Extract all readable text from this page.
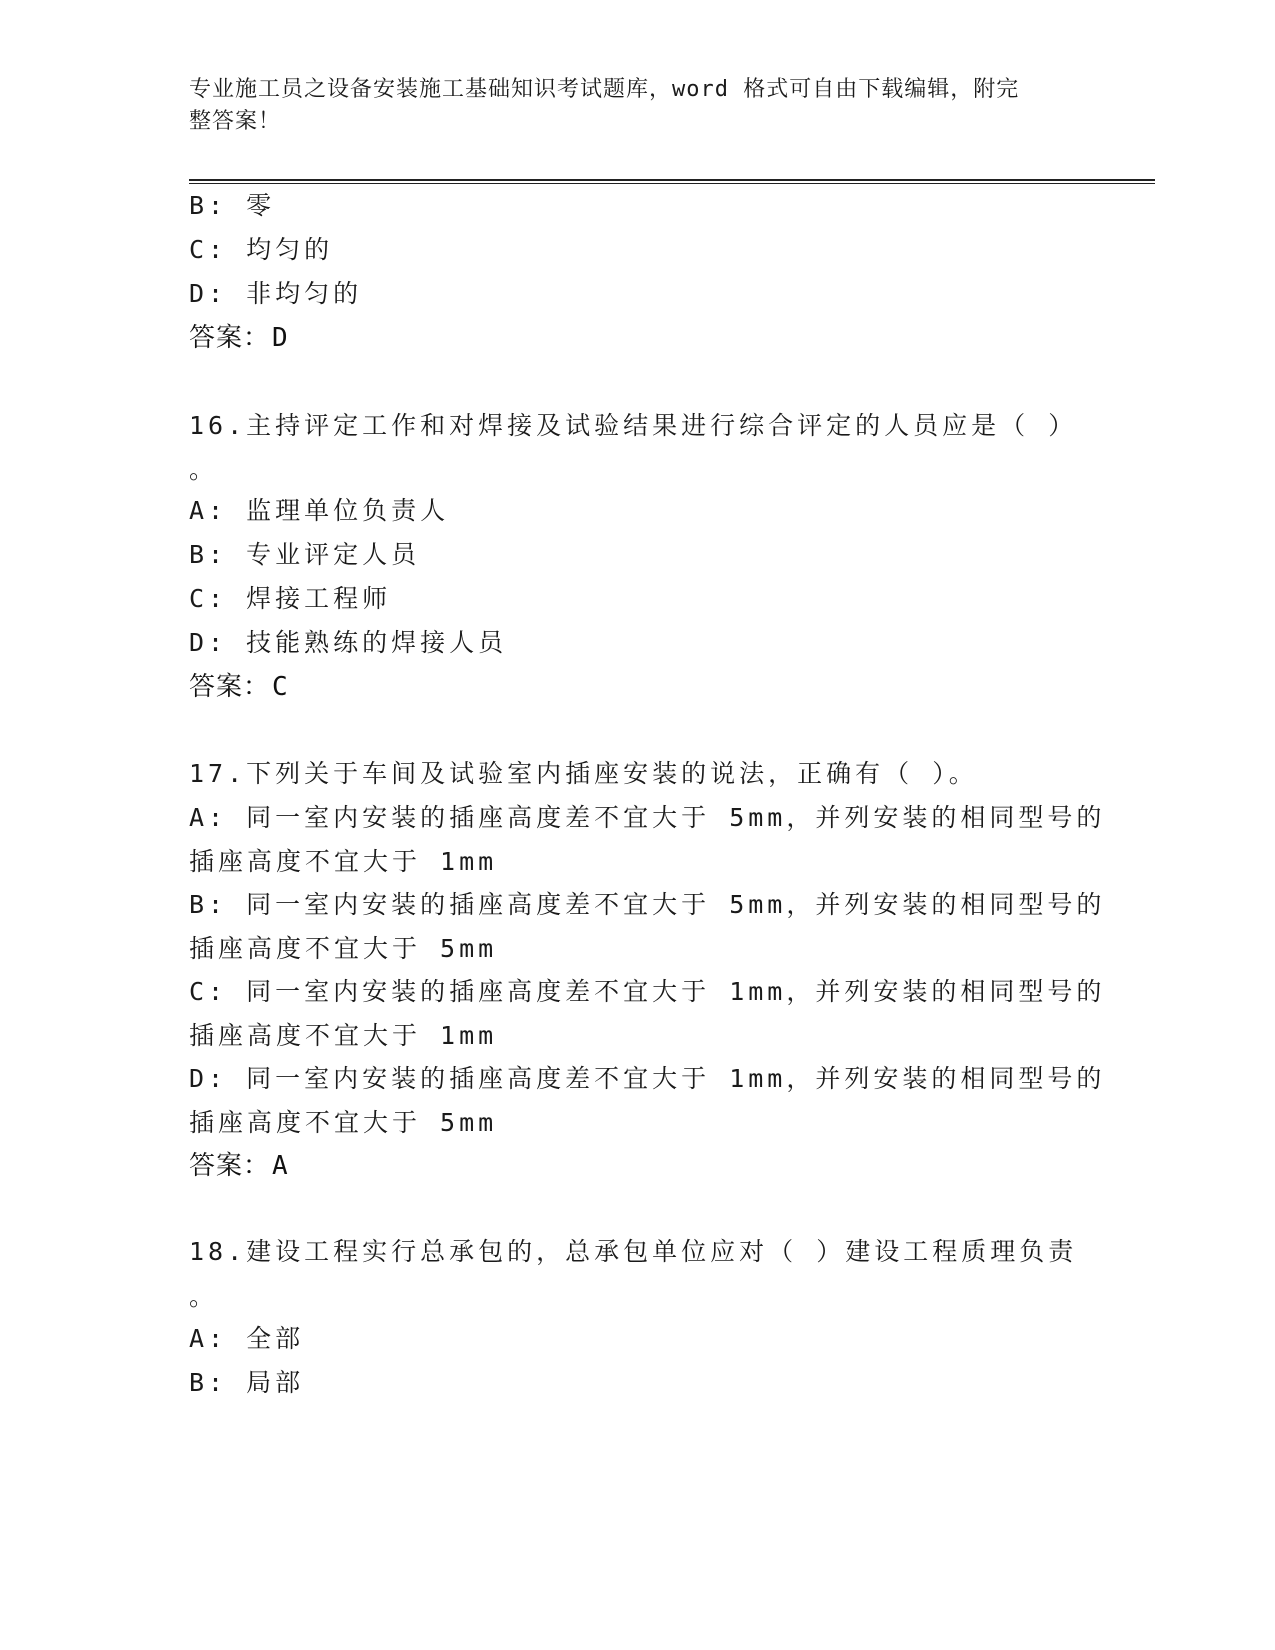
专业施工员之设备安装施工基础知识考试题库，word 格式可自由下载编辑，附完
整答案！
B: 零
C: 均匀的
D: 非均匀的
答案：D
16.主持评定工作和对焊接及试验结果进行综合评定的人员应是（ ）
。
A: 监理单位负责人
B: 专业评定人员
C: 焊接工程师
D: 技能熟练的焊接人员
答案：C
17.下列关于车间及试验室内插座安装的说法，正确有（ ）。
A: 同一室内安装的插座高度差不宜大于 5mm，并列安装的相同型号的
插座高度不宜大于 1mm
B: 同一室内安装的插座高度差不宜大于 5mm，并列安装的相同型号的
插座高度不宜大于 5mm
C: 同一室内安装的插座高度差不宜大于 1mm，并列安装的相同型号的
插座高度不宜大于 1mm
D: 同一室内安装的插座高度差不宜大于 1mm，并列安装的相同型号的
插座高度不宜大于 5mm
答案：A
18.建设工程实行总承包的，总承包单位应对（ ）建设工程质理负责
。
A: 全部
B: 局部
